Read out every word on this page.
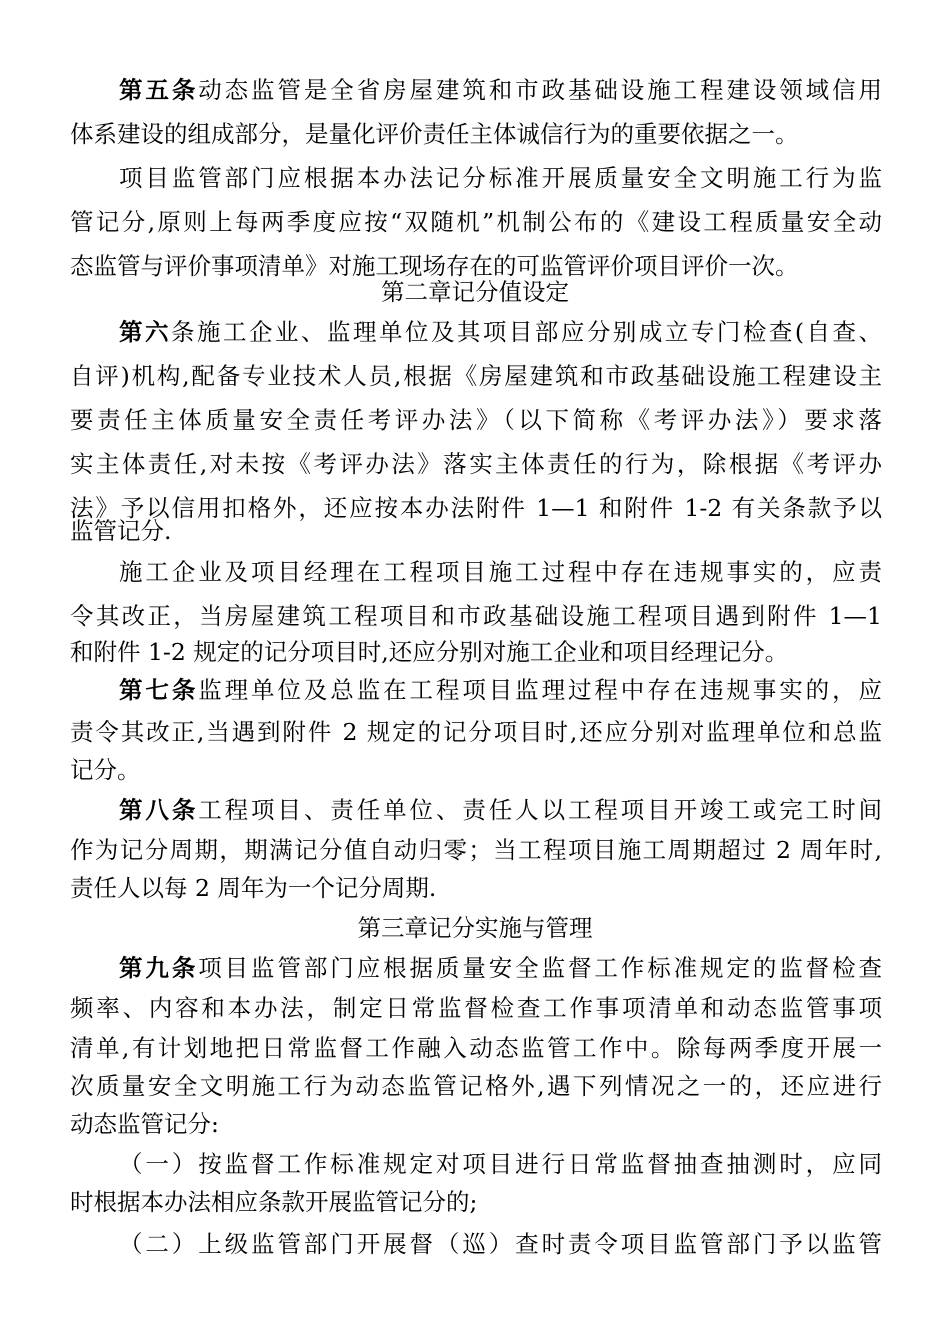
第五条动态监管是全省房屋建筑和市政基础设施工程建设领域信用
体系建设的组成部分，是量化评价责任主体诚信行为的重要依据之一。
项目监管部门应根据本办法记分标准开展质量安全文明施工行为监
管记分,原则上每两季度应按“双随机”机制公布的《建设工程质量安全动
态监管与评价事项清单》对施工现场存在的可监管评价项目评价一次。
第二章记分值设定
第六条施工企业、监理单位及其项目部应分别成立专门检查(自查、
自评)机构,配备专业技术人员,根据《房屋建筑和市政基础设施工程建设主
要责任主体质量安全责任考评办法》（以下简称《考评办法》）要求落
实主体责任,对未按《考评办法》落实主体责任的行为，除根据《考评办
法》予以信用扣格外，还应按本办法附件 1—1 和附件 1-2 有关条款予以
监管记分.
施工企业及项目经理在工程项目施工过程中存在违规事实的，应责
令其改正，当房屋建筑工程项目和市政基础设施工程项目遇到附件 1—1
和附件 1-2 规定的记分项目时,还应分别对施工企业和项目经理记分。
第七条监理单位及总监在工程项目监理过程中存在违规事实的，应
责令其改正,当遇到附件 2 规定的记分项目时,还应分别对监理单位和总监
记分。
第八条工程项目、责任单位、责任人以工程项目开竣工或完工时间
作为记分周期，期满记分值自动归零；当工程项目施工周期超过 2 周年时,
责任人以每 2 周年为一个记分周期.
第三章记分实施与管理
第九条项目监管部门应根据质量安全监督工作标准规定的监督检查
频率、内容和本办法，制定日常监督检查工作事项清单和动态监管事项
清单,有计划地把日常监督工作融入动态监管工作中。除每两季度开展一
次质量安全文明施工行为动态监管记格外,遇下列情况之一的，还应进行
动态监管记分:
（一）按监督工作标准规定对项目进行日常监督抽查抽测时，应同
时根据本办法相应条款开展监管记分的;
（二）上级监管部门开展督（巡）查时责令项目监管部门予以监管
